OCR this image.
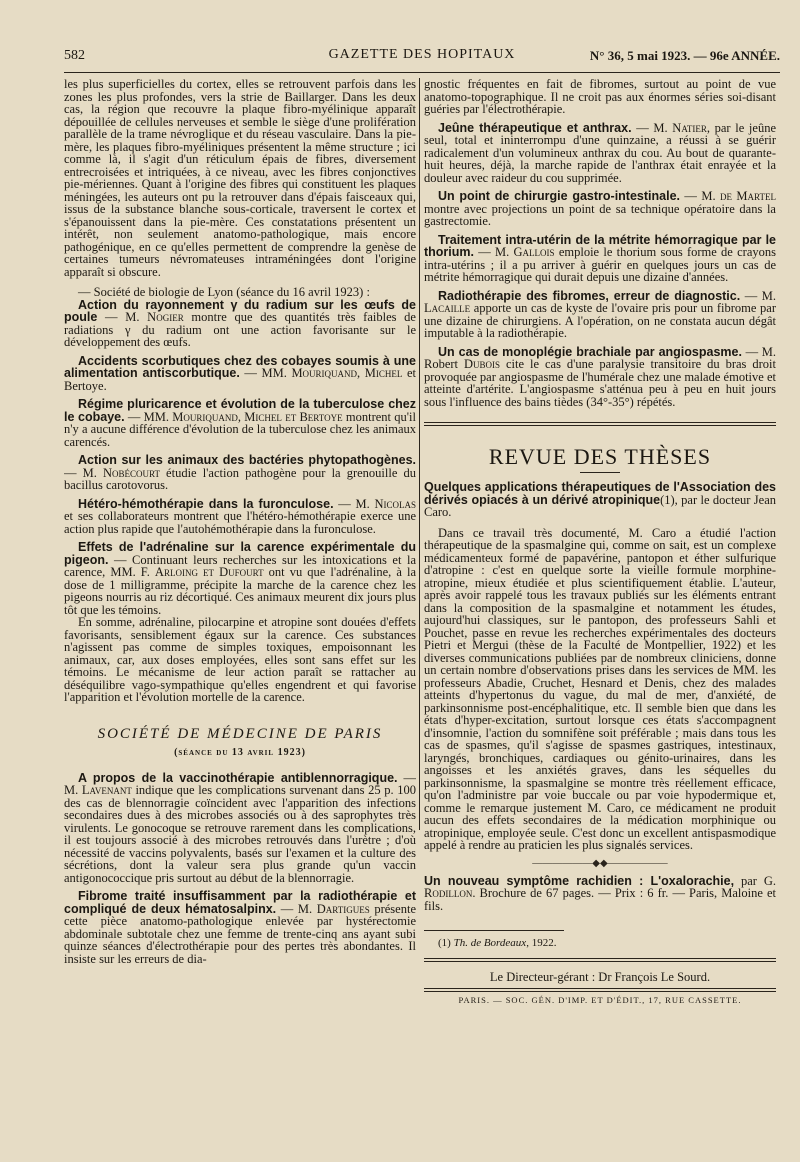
582	GAZETTE DES HOPITAUX	N° 36, 5 mai 1923. — 96e ANNÉE.

les plus superficielles du cortex, elles se retrouvent parfois dans les zones les plus profondes, vers la strie de Baillarger. Dans les deux cas, la région que recouvre la plaque fibro-myélinique apparaît dépouillée de cellules nerveuses et semble le siège d'une prolifération parallèle de la trame névroglique et du réseau vasculaire. Dans la pie-mère, les plaques fibro-myéliniques présentent la même structure ; ici comme là, il s'agit d'un réticulum épais de fibres, diversement entrecroisées et intriquées, à ce niveau, avec les fibres conjonctives pie-mériennes. Quant à l'origine des fibres qui constituent les plaques méningées, les auteurs ont pu la retrouver dans d'épais faisceaux qui, issus de la substance blanche sous-corticale, traversent le cortex et s'épanouissent dans la pie-mère. Ces constatations présentent un intérêt, non seulement anatomo-pathologique, mais encore pathogénique, en ce qu'elles permettent de comprendre la genèse de certaines tumeurs névromateuses intraméningées dont l'origine apparaît si obscure.

— Société de biologie de Lyon (séance du 16 avril 1923) :

Action du rayonnement γ du radium sur les œufs de poule — M. Nogier montre que des quantités très faibles de radiations γ du radium ont une action favorisante sur le développement des œufs.

Accidents scorbutiques chez des cobayes soumis à une alimentation antiscorbutique. — MM. Mouriquand, Michel et Bertoye.

Régime pluricarence et évolution de la tuberculose chez le cobaye. — MM. Mouriquand, Michel et Bertoye montrent qu'il n'y a aucune différence d'évolution de la tuberculose chez les animaux carencés.

Action sur les animaux des bactéries phytopathogènes. — M. Nobécourt étudie l'action pathogène pour la grenouille du bacillus carotovorus.

Hétéro-hémothérapie dans la furonculose. — M. Nicolas et ses collaborateurs montrent que l'hétéro-hémothérapie exerce une action plus rapide que l'autohémothérapie dans la furonculose.

Effets de l'adrénaline sur la carence expérimentale du pigeon. — Continuant leurs recherches sur les intoxications et la carence, MM. F. Arloing et Dufourt ont vu que l'adrénaline, à la dose de 1 milligramme, précipite la marche de la carence chez les pigeons nourris au riz décortiqué. Ces animaux meurent dix jours plus tôt que les témoins.

En somme, adrénaline, pilocarpine et atropine sont douées d'effets favorisants, sensiblement égaux sur la carence. Ces substances n'agissent pas comme de simples toxiques, empoisonnant les animaux, car, aux doses employées, elles sont sans effet sur les témoins. Le mécanisme de leur action paraît se rattacher au déséquilibre vago-sympathique qu'elles engendrent et qui favorise l'apparition et l'évolution mortelle de la carence.

SOCIÉTÉ DE MÉDECINE DE PARIS
(séance du 13 avril 1923)

A propos de la vaccinothérapie antiblennorragique. — M. Lavenant indique que les complications survenant dans 25 p. 100 des cas de blennorragie coïncident avec l'apparition des infections secondaires dues à des microbes associés ou à des saprophytes très virulents. Le gonocoque se retrouve rarement dans les complications, il est toujours associé à des microbes retrouvés dans l'urètre ; d'où nécessité de vaccins polyvalents, basés sur l'examen et la culture des sécrétions, dont la valeur sera plus grande qu'un vaccin antigonococcique pris surtout au début de la blennorragie.

Fibrome traité insuffisamment par la radiothérapie et compliqué de deux hématosalpinx. — M. Dartigues présente cette pièce anatomo-pathologique enlevée par hystérectomie abdominale subtotale chez une femme de trente-cinq ans ayant subi quinze séances d'électrothérapie pour des pertes très abondantes. Il insiste sur les erreurs de dia-

gnostic fréquentes en fait de fibromes, surtout au point de vue anatomo-topographique. Il ne croit pas aux énormes séries soi-disant guéries par l'électrothérapie.

Jeûne thérapeutique et anthrax. — M. Natier, par le jeûne seul, total et ininterrompu d'une quinzaine, a réussi à se guérir radicalement d'un volumineux anthrax du cou. Au bout de quarante-huit heures, déjà, la marche rapide de l'anthrax était enrayée et la douleur avec raideur du cou supprimée.

Un point de chirurgie gastro-intestinale. — M. de Martel montre avec projections un point de sa technique opératoire dans la gastrectomie.

Traitement intra-utérin de la métrite hémorragique par le thorium. — M. Gallois emploie le thorium sous forme de crayons intra-utérins ; il a pu arriver à guérir en quelques jours un cas de métrite hémorragique qui durait depuis une dizaine d'années.

Radiothérapie des fibromes, erreur de diagnostic. — M. Lacaille apporte un cas de kyste de l'ovaire pris pour un fibrome par une dizaine de chirurgiens. A l'opération, on ne constata aucun dégât imputable à la radiothérapie.

Un cas de monoplégie brachiale par angiospasme. — M. Robert Dubois cite le cas d'une paralysie transitoire du bras droit provoquée par angiospasme de l'humérale chez une malade émotive et atteinte d'artérite. L'angiospasme s'atténua peu à peu en huit jours sous l'influence des bains tièdes (34°-35°) répétés.

REVUE DES THÈSES

Quelques applications thérapeutiques de l'Association des dérivés opiacés à un dérivé atropinique(1), par le docteur Jean Caro.

Dans ce travail très documenté, M. Caro a étudié l'action thérapeutique de la spasmalgine qui, comme on sait, est un complexe médicamenteux formé de papavérine, pantopon et éther sulfurique d'atropine : c'est en quelque sorte la vieille formule morphine-atropine, mieux étudiée et plus scientifiquement établie. L'auteur, après avoir rappelé tous les travaux publiés sur les éléments entrant dans la composition de la spasmalgine et notamment les études, aujourd'hui classiques, sur le pantopon, des professeurs Sahli et Pouchet, passe en revue les recherches expérimentales des docteurs Pietri et Mergui (thèse de la Faculté de Montpellier, 1922) et les diverses communications publiées par de nombreux cliniciens, donne un certain nombre d'observations prises dans les services de MM. les professeurs Abadie, Cruchet, Hesnard et Denis, chez des malades atteints d'hypertonus du vague, du mal de mer, d'anxiété, de parkinsonnisme post-encéphalitique, etc. Il semble bien que dans les états d'hyper-excitation, surtout lorsque ces états s'accompagnent d'insomnie, l'action du somnifène soit préférable ; mais dans tous les cas de spasmes, qu'il s'agisse de spasmes gastriques, intestinaux, laryngés, bronchiques, cardiaques ou génito-urinaires, dans les angoisses et les anxiétés graves, dans les séquelles du parkinsonnisme, la spasmalgine se montre très réellement efficace, qu'on l'administre par voie buccale ou par voie hypodermique et, comme le remarque justement M. Caro, ce médicament ne produit aucun des effets secondaires de la médication morphinique ou atropinique, employée seule. C'est donc un excellent antispasmodique appelé à rendre au praticien les plus signalés services.

——————◆◆——————

Un nouveau symptôme rachidien : L'oxalorachie, par G. Rodillon. Brochure de 67 pages. — Prix : 6 fr. — Paris, Maloine et fils.

(1) Th. de Bordeaux, 1922.

Le Directeur-gérant : Dr François Le Sourd.
PARIS. — SOC. GÉN. D'IMP. ET D'ÉDIT., 17, RUE CASSETTE.
